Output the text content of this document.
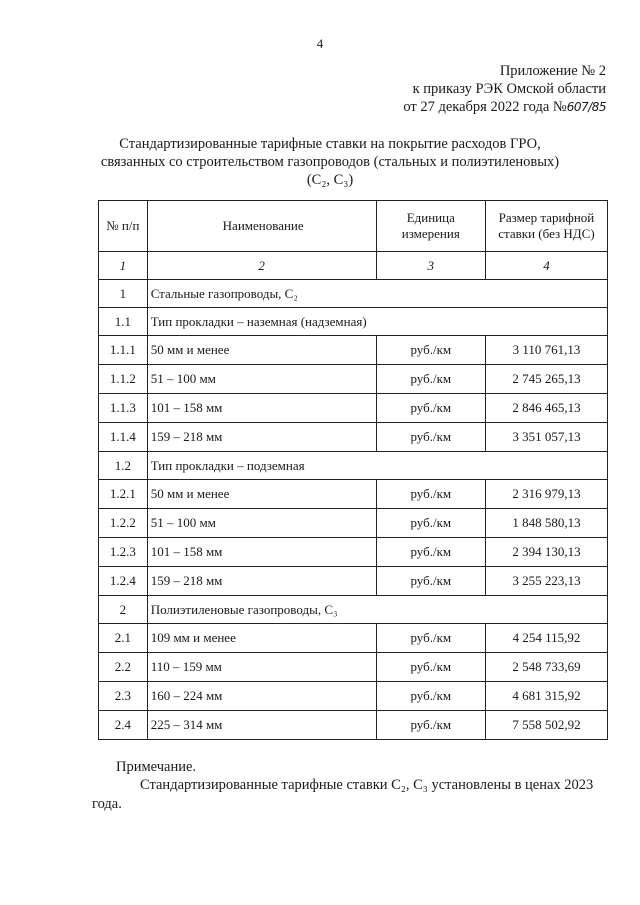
4
Приложение № 2
к приказу РЭК Омской области
от 27 декабря 2022 года №607/85
Стандартизированные тарифные ставки на покрытие расходов ГРО,
связанных со строительством газопроводов (стальных и полиэтиленовых)
(С₂, С₃)
№ п/п	Наименование	Единица измерения	Размер тарифной ставки (без НДС)
1	2	3	4
1	Стальные газопроводы, С₂		
1.1	Тип прокладки – наземная (надземная)		
1.1.1	50 мм и менее	руб./км	3 110 761,13
1.1.2	51 – 100 мм	руб./км	2 745 265,13
1.1.3	101 – 158 мм	руб./км	2 846 465,13
1.1.4	159 – 218 мм	руб./км	3 351 057,13
1.2	Тип прокладки – подземная		
1.2.1	50 мм и менее	руб./км	2 316 979,13
1.2.2	51 – 100 мм	руб./км	1 848 580,13
1.2.3	101 – 158 мм	руб./км	2 394 130,13
1.2.4	159 – 218 мм	руб./км	3 255 223,13
2	Полиэтиленовые газопроводы, С₃		
2.1	109 мм и менее	руб./км	4 254 115,92
2.2	110 – 159 мм	руб./км	2 548 733,69
2.3	160 – 224 мм	руб./км	4 681 315,92
2.4	225 – 314 мм	руб./км	7 558 502,92
Примечание.
Стандартизированные тарифные ставки С₂, С₃ установлены в ценах 2023
года.
